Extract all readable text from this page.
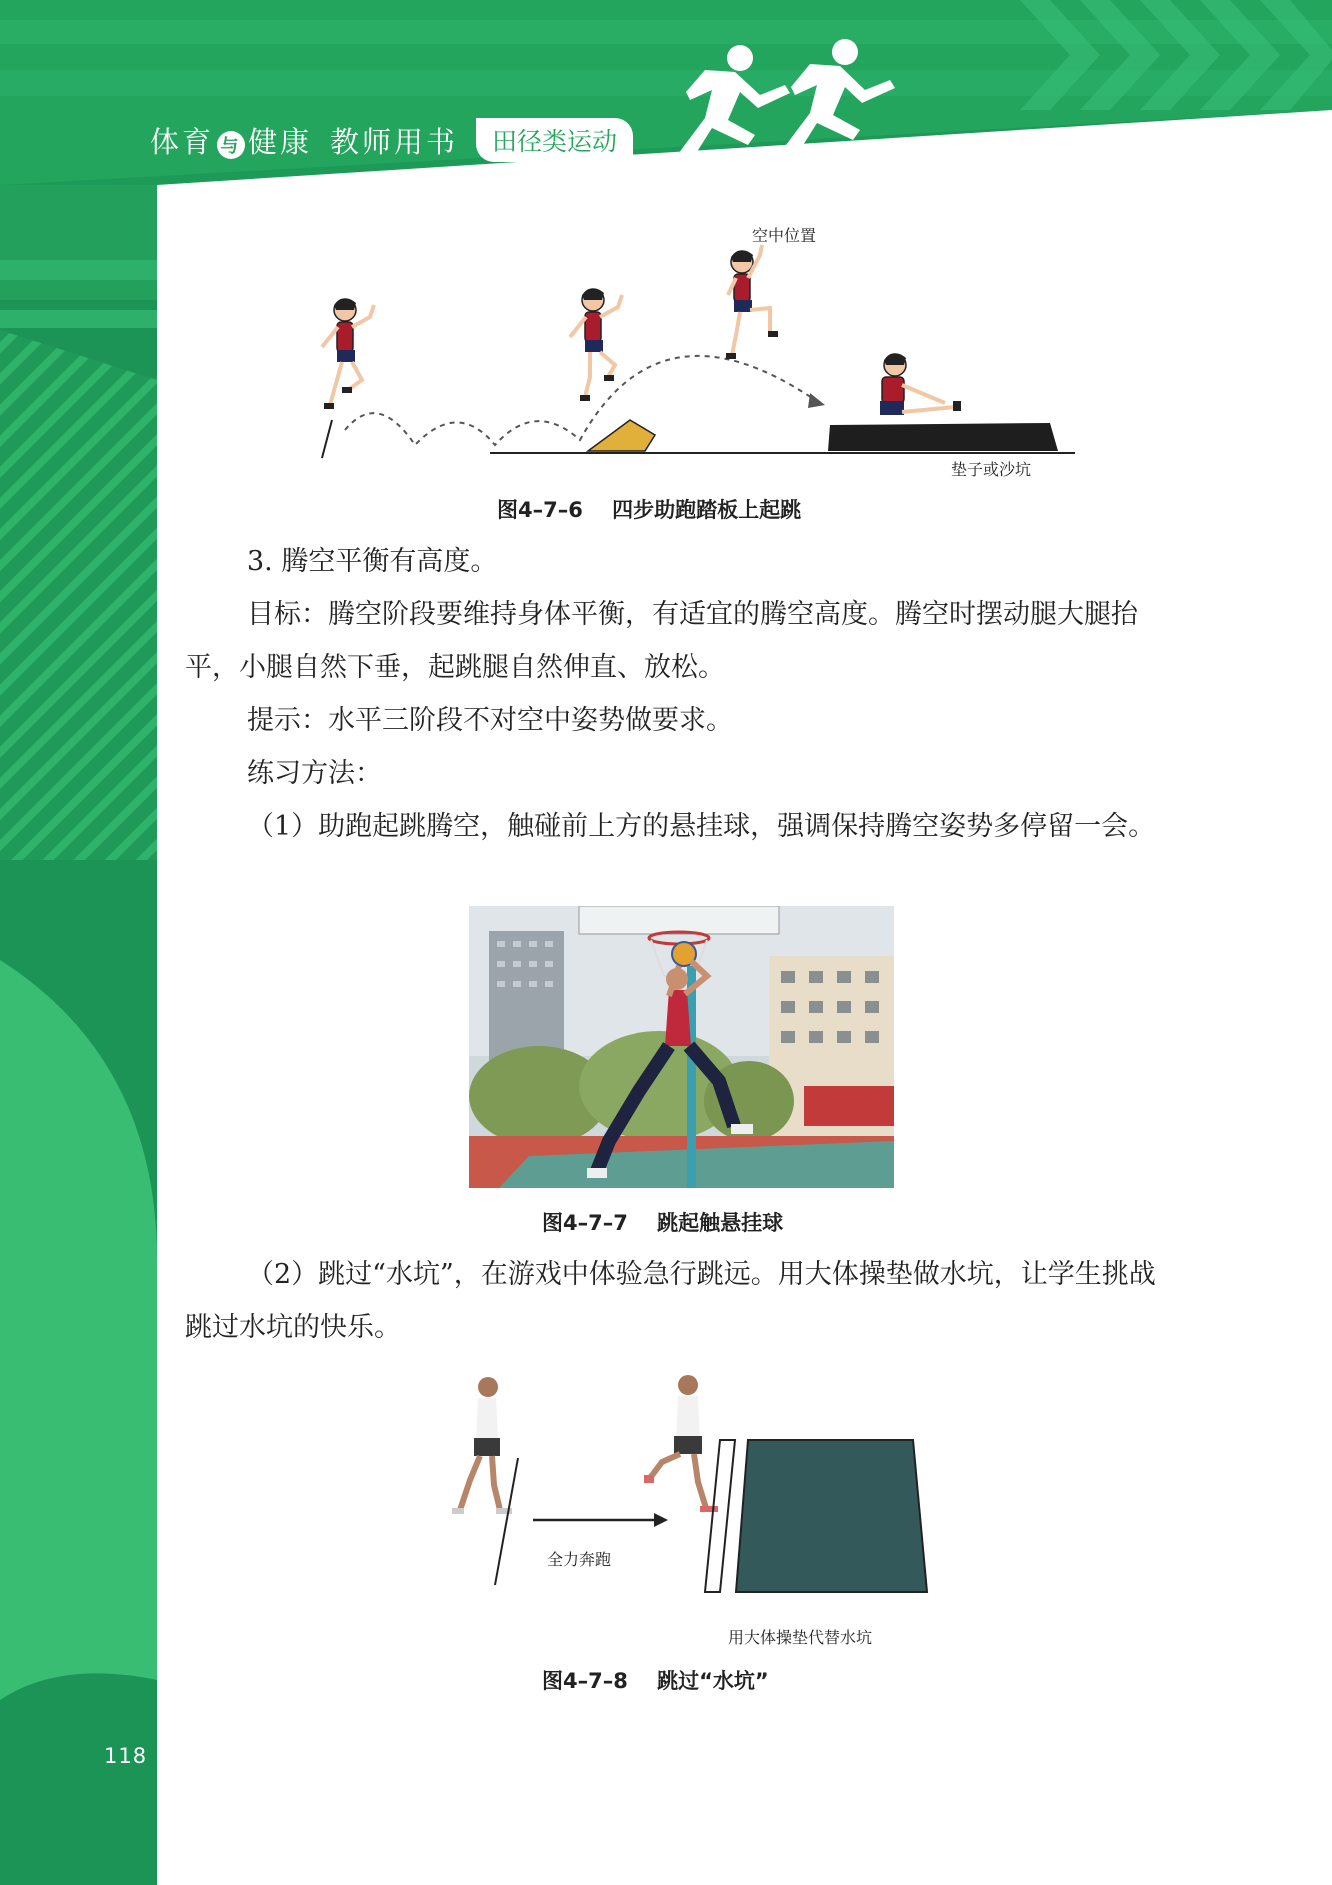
118
体育 与 健康 教师用书	田径类运动
空中位置
垫子或沙坑
图4–7–6    四步助跑踏板上起跳

3. 腾空平衡有高度。

目标：腾空阶段要维持身体平衡，有适宜的腾空高度。腾空时摆动腿大腿抬平，小腿自然下垂，起跳腿自然伸直、放松。

提示：水平三阶段不对空中姿势做要求。

练习方法：

（1）助跑起跳腾空，触碰前上方的悬挂球，强调保持腾空姿势多停留一会。

图4–7–7    跳起触悬挂球

（2）跳过“水坑”，在游戏中体验急行跳远。用大体操垫做水坑，让学生挑战跳过水坑的快乐。

全力奔跑
用大体操垫代替水坑
图4–7–8    跳过“水坑”
